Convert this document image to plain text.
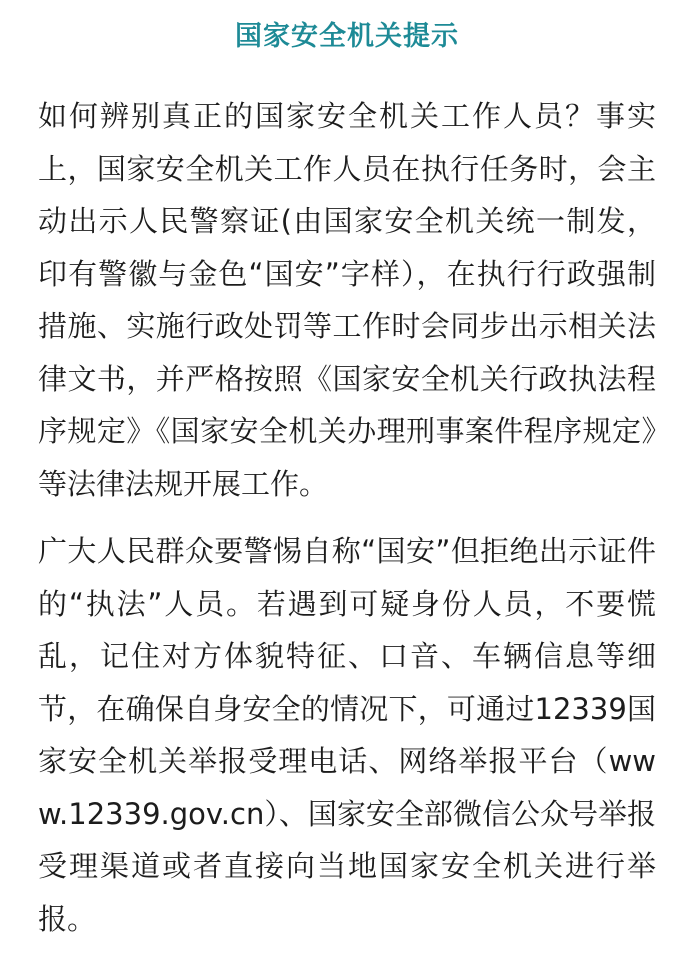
国家安全机关提示

如何辨别真正的国家安全机关工作人员？事实上，国家安全机关工作人员在执行任务时，会主动出示人民警察证(由国家安全机关统一制发，印有警徽与金色“国安”字样），在执行行政强制措施、实施行政处罚等工作时会同步出示相关法律文书，并严格按照《国家安全机关行政执法程序规定》《国家安全机关办理刑事案件程序规定》等法律法规开展工作。

广大人民群众要警惕自称“国安”但拒绝出示证件的“执法”人员。若遇到可疑身份人员，不要慌乱，记住对方体貌特征、口音、车辆信息等细节，在确保自身安全的情况下，可通过12339国家安全机关举报受理电话、网络举报平台（www.12339.gov.cn）、国家安全部微信公众号举报受理渠道或者直接向当地国家安全机关进行举报。
